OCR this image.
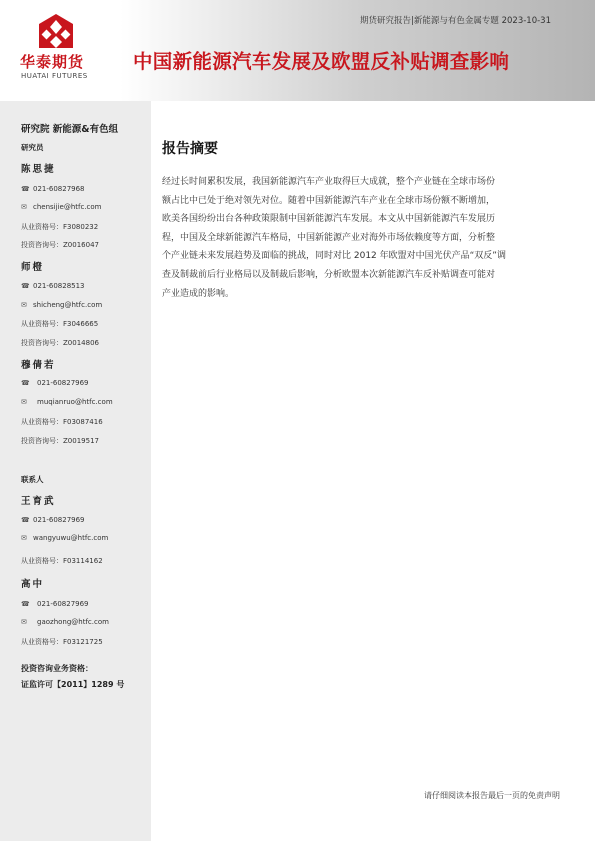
华泰期货
HUATAI FUTURES
期货研究报告|新能源与有色金属专题 2023-10-31
中国新能源汽车发展及欧盟反补贴调查影响
研究院 新能源&有色组
研究员
陈思捷
☎ 021-60827968
✉ chensijie@htfc.com
从业资格号：F3080232
投资咨询号：Z0016047
师橙
☎ 021-60828513
✉ shicheng@htfc.com
从业资格号：F3046665
投资咨询号：Z0014806
穆倩若
☎ 021-60827969
✉ muqianruo@htfc.com
从业资格号：F03087416
投资咨询号：Z0019517
联系人
王育武
☎ 021-60827969
✉ wangyuwu@htfc.com
从业资格号：F03114162
高中
☎ 021-60827969
✉ gaozhong@htfc.com
从业资格号：F03121725
投资咨询业务资格：
证监许可【2011】1289 号
报告摘要
经过长时间累积发展，我国新能源汽车产业取得巨大成就，整个产业链在全球市场份
额占比中已处于绝对领先对位。随着中国新能源汽车产业在全球市场份额不断增加，
欧美各国纷纷出台各种政策限制中国新能源汽车发展。本文从中国新能源汽车发展历
程，中国及全球新能源汽车格局，中国新能源产业对海外市场依赖度等方面，分析整
个产业链未来发展趋势及面临的挑战，同时对比 2012 年欧盟对中国光伏产品“双反”调
查及制裁前后行业格局以及制裁后影响，分析欧盟本次新能源汽车反补贴调查可能对
产业造成的影响。
请仔细阅读本报告最后一页的免责声明
